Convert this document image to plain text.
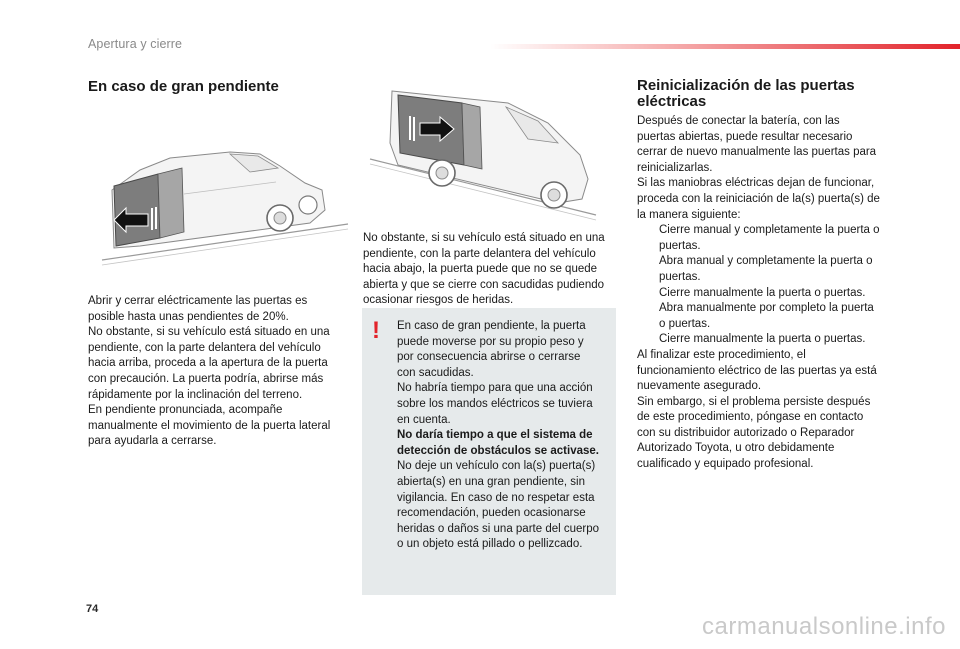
Apertura y cierre
En caso de gran pendiente

Abrir y cerrar eléctricamente las puertas es

posible hasta unas pendientes de 20%.

No obstante, si su vehículo está situado en una

pendiente, con la parte delantera del vehículo

hacia arriba, proceda a la apertura de la puerta

con precaución. La puerta podría, abrirse más

rápidamente por la inclinación del terreno.

En pendiente pronunciada, acompañe

manualmente el movimiento de la puerta lateral

para ayudarla a cerrarse.

No obstante, si su vehículo está situado en una

pendiente, con la parte delantera del vehículo

hacia abajo, la puerta puede que no se quede

abierta y que se cierre con sacudidas pudiendo

ocasionar riesgos de heridas.

!	En caso de gran pendiente, la puerta

puede moverse por su propio peso y

por consecuencia abrirse o cerrarse

con sacudidas.

No habría tiempo para que una acción

sobre los mandos eléctricos se tuviera

en cuenta.

No daría tiempo a que el sistema de

detección de obstáculos se activase.

No deje un vehículo con la(s) puerta(s)

abierta(s) en una gran pendiente, sin

vigilancia. En caso de no respetar esta

recomendación, pueden ocasionarse

heridas o daños si una parte del cuerpo

o un objeto está pillado o pellizcado.

Reinicialización de las puertas
eléctricas

Después de conectar la batería, con las

puertas abiertas, puede resultar necesario

cerrar de nuevo manualmente las puertas para

reinicializarlas.

Si las maniobras eléctricas dejan de funcionar,

proceda con la reiniciación de la(s) puerta(s) de

la manera siguiente:

Cierre manual y completamente la puerta o

puertas.

Abra manual y completamente la puerta o

puertas.

Cierre manualmente la puerta o puertas.

Abra manualmente por completo la puerta

o puertas.

Cierre manualmente la puerta o puertas.

Al finalizar este procedimiento, el

funcionamiento eléctrico de las puertas ya está

nuevamente asegurado.

Sin embargo, si el problema persiste después

de este procedimiento, póngase en contacto

con su distribuidor autorizado o Reparador

Autorizado Toyota, u otro debidamente

cualificado y equipado profesional.

74
carmanualsonline.info
